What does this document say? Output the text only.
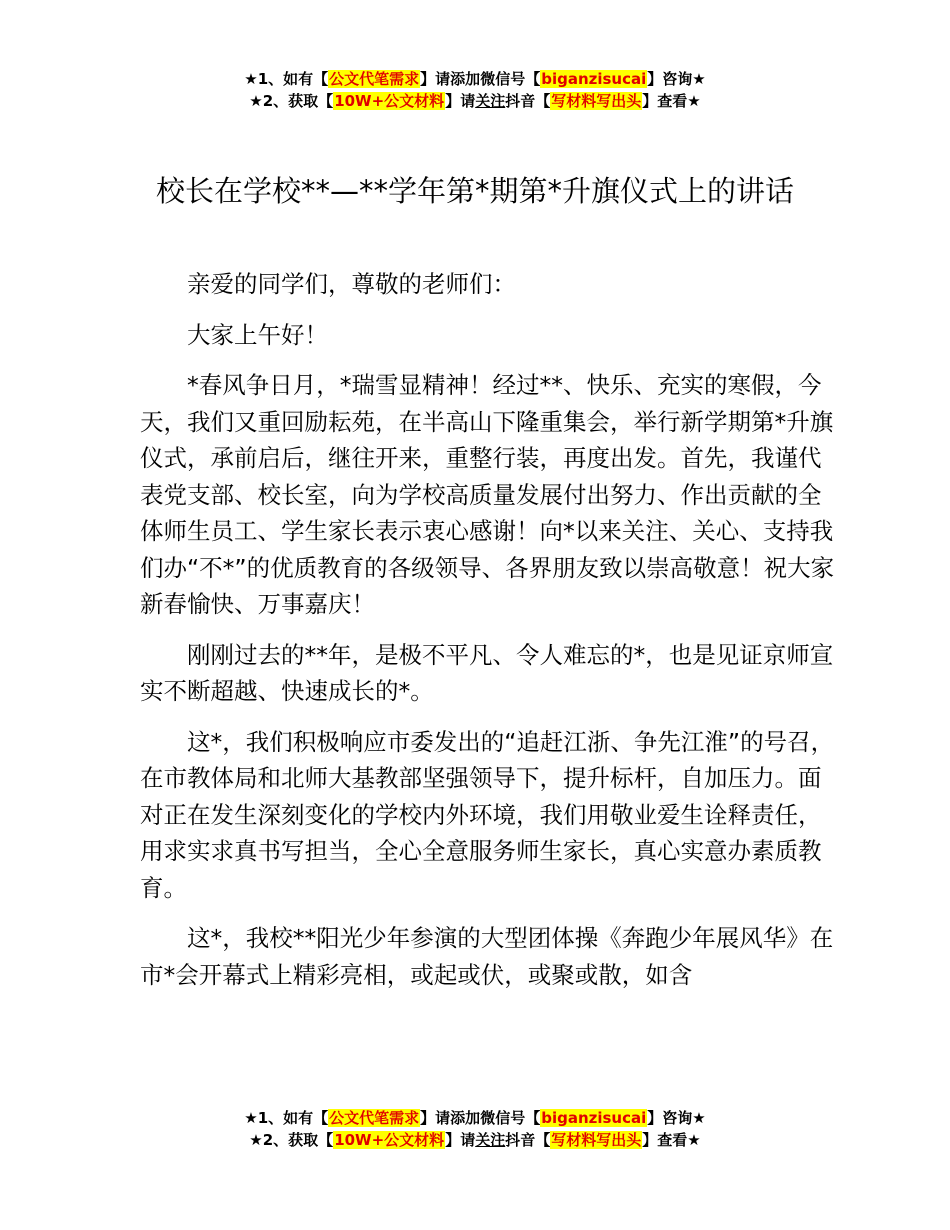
★1、如有【公文代笔需求】请添加微信号【biganzisucai】咨询★
★2、获取【10W+公文材料】请关注抖音【写材料写出头】查看★
校长在学校**—**学年第*期第*升旗仪式上的讲话

亲爱的同学们，尊敬的老师们：

大家上午好！

*春风争日月，*瑞雪显精神！经过**、快乐、充实的寒假，今天，我们又重回励耘苑，在半高山下隆重集会，举行新学期第*升旗仪式，承前启后，继往开来，重整行装，再度出发。首先，我谨代表党支部、校长室，向为学校高质量发展付出努力、作出贡献的全体师生员工、学生家长表示衷心感谢！向*以来关注、关心、支持我们办“不*”的优质教育的各级领导、各界朋友致以崇高敬意！祝大家新春愉快、万事嘉庆！

刚刚过去的**年，是极不平凡、令人难忘的*，也是见证京师宣实不断超越、快速成长的*。

这*，我们积极响应市委发出的“追赶江浙、争先江淮”的号召，在市教体局和北师大基教部坚强领导下，提升标杆，自加压力。面对正在发生深刻变化的学校内外环境，我们用敬业爱生诠释责任，用求实求真书写担当，全心全意服务师生家长，真心实意办素质教育。

这*，我校**阳光少年参演的大型团体操《奔跑少年展风华》在市*会开幕式上精彩亮相，或起或伏，或聚或散，如含

★1、如有【公文代笔需求】请添加微信号【biganzisucai】咨询★
★2、获取【10W+公文材料】请关注抖音【写材料写出头】查看★
